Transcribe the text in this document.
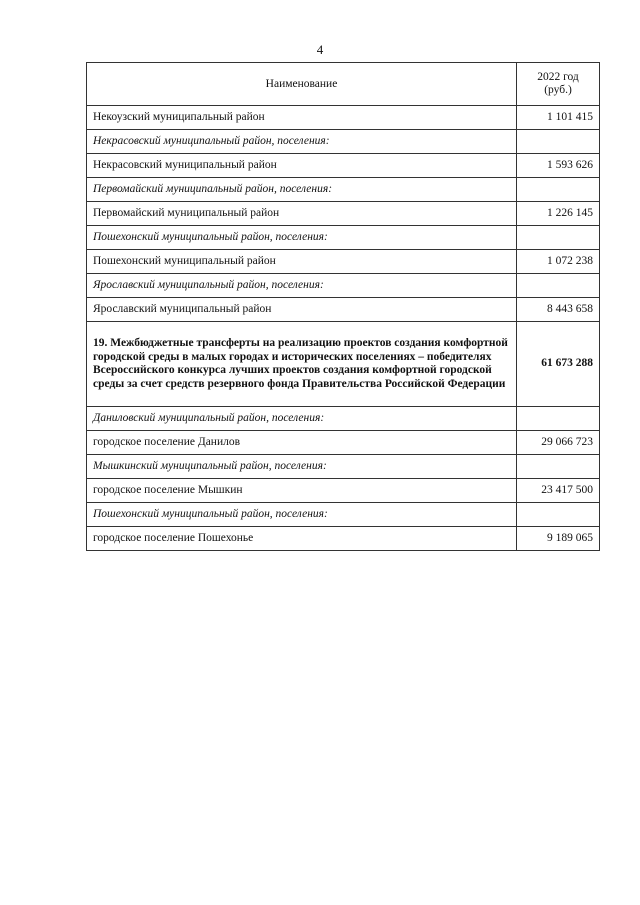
4
Наименование	2022 год
(руб.)
Некоузский муниципальный район	1 101 415
Некрасовский муниципальный район, поселения:	
Некрасовский муниципальный район	1 593 626
Первомайский муниципальный район, поселения:	
Первомайский муниципальный район	1 226 145
Пошехонский муниципальный район, поселения:	
Пошехонский муниципальный район	1 072 238
Ярославский муниципальный район, поселения:	
Ярославский муниципальный район	8 443 658
19. Межбюджетные трансферты на реализацию проектов создания комфортной городской среды в малых городах и исторических поселениях – победителях Всероссийского конкурса лучших проектов создания комфортной городской среды за счет средств резервного фонда Правительства Российской Федерации	61 673 288
Даниловский муниципальный район, поселения:	
городское поселение Данилов	29 066 723
Мышкинский муниципальный район, поселения:	
городское поселение Мышкин	23 417 500
Пошехонский муниципальный район, поселения:	
городское поселение Пошехонье	9 189 065
